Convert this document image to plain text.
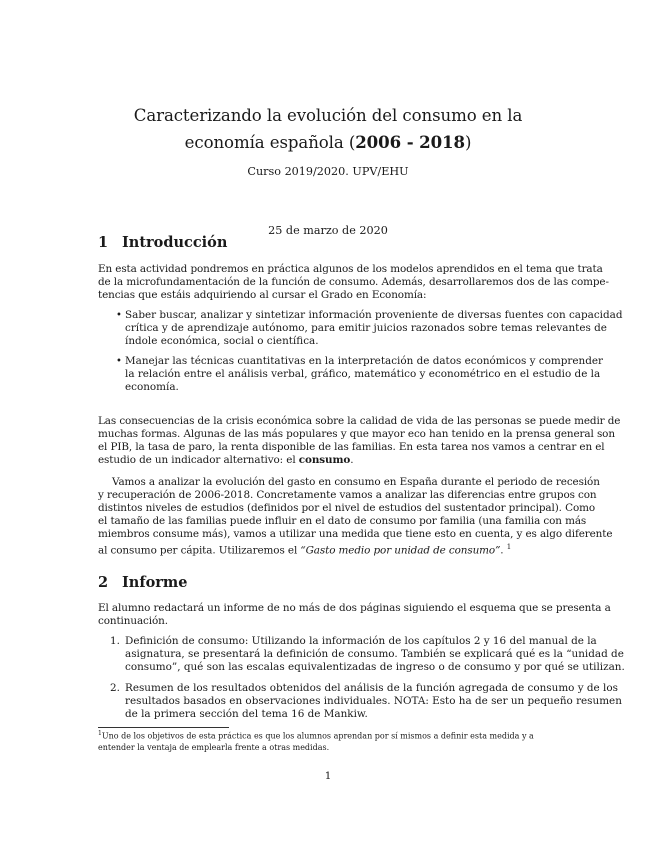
Caracterizando la evolución del consumo en la
economía española (2006 - 2018)
Curso 2019/2020. UPV/EHU
25 de marzo de 2020
1 Introducción
En esta actividad pondremos en práctica algunos de los modelos aprendidos en el tema que trata
de la microfundamentación de la función de consumo. Además, desarrollaremos dos de las compe-
tencias que estáis adquiriendo al cursar el Grado en Economía:
• Saber buscar, analizar y sintetizar información proveniente de diversas fuentes con capacidad
crítica y de aprendizaje autónomo, para emitir juicios razonados sobre temas relevantes de
índole económica, social o científica.
• Manejar las técnicas cuantitativas en la interpretación de datos económicos y comprender
la relación entre el análisis verbal, gráfico, matemático y econométrico en el estudio de la
economía.
Las consecuencias de la crisis económica sobre la calidad de vida de las personas se puede medir de
muchas formas. Algunas de las más populares y que mayor eco han tenido en la prensa general son
el PIB, la tasa de paro, la renta disponible de las familias. En esta tarea nos vamos a centrar en el
estudio de un indicador alternativo: el consumo.
Vamos a analizar la evolución del gasto en consumo en España durante el periodo de recesión
y recuperación de 2006-2018. Concretamente vamos a analizar las diferencias entre grupos con
distintos niveles de estudios (definidos por el nivel de estudios del sustentador principal). Como
el tamaño de las familias puede influir en el dato de consumo por familia (una familia con más
miembros consume más), vamos a utilizar una medida que tiene esto en cuenta, y es algo diferente
al consumo per cápita. Utilizaremos el “Gasto medio por unidad de consumo”. $^1$
2 Informe
El alumno redactará un informe de no más de dos páginas siguiendo el esquema que se presenta a
continuación.
1. Definición de consumo: Utilizando la información de los capítulos 2 y 16 del manual de la
asignatura, se presentará la definición de consumo. También se explicará qué es la “unidad de
consumo”, qué son las escalas equivalentizadas de ingreso o de consumo y por qué se utilizan.
2. Resumen de los resultados obtenidos del análisis de la función agregada de consumo y de los
resultados basados en observaciones individuales. NOTA: Esto ha de ser un pequeño resumen
de la primera sección del tema 16 de Mankiw.
$^1$Uno de los objetivos de esta práctica es que los alumnos aprendan por sí mismos a definir esta medida y a
entender la ventaja de emplearla frente a otras medidas.
1
